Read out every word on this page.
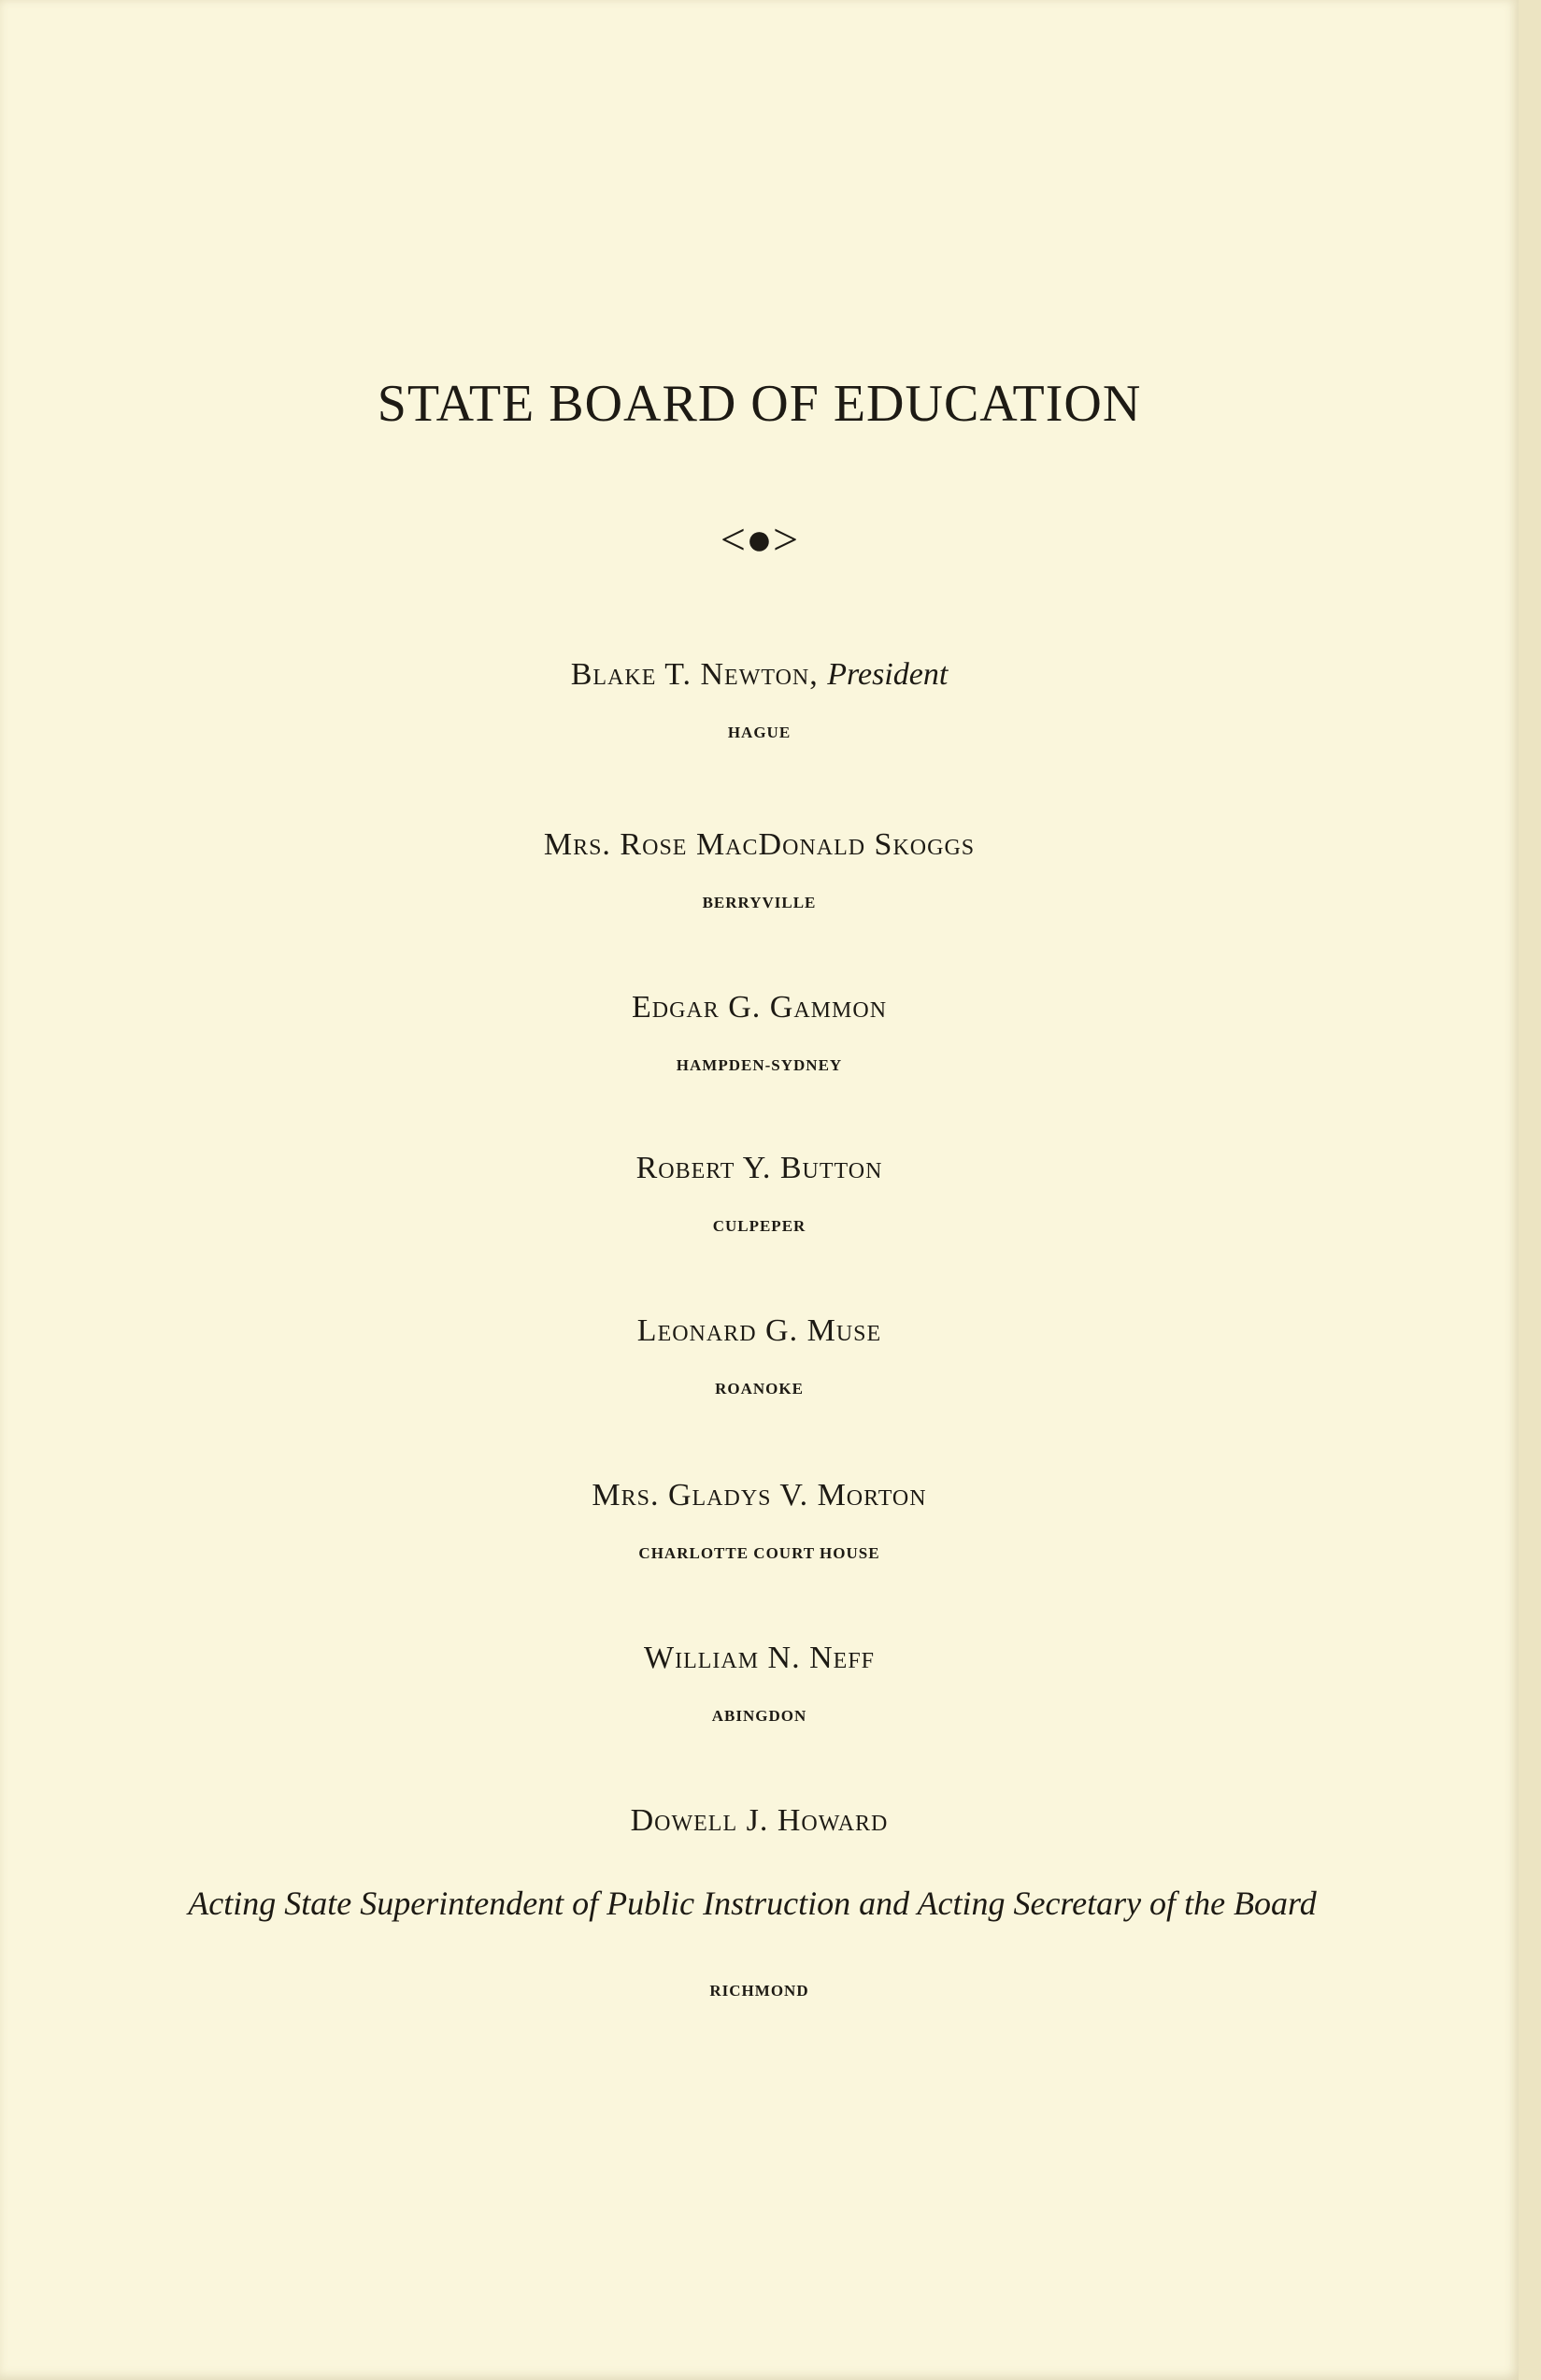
STATE BOARD OF EDUCATION
<●>

Blake T. Newton, President

HAGUE

Mrs. Rose MacDonald Skoggs

BERRYVILLE

Edgar G. Gammon

HAMPDEN-SYDNEY

Robert Y. Button

CULPEPER

Leonard G. Muse

ROANOKE

Mrs. Gladys V. Morton

CHARLOTTE COURT HOUSE

William N. Neff

ABINGDON

Dowell J. Howard

Acting State Superintendent of Public Instruction and Acting Secretary of the Board
RICHMOND
